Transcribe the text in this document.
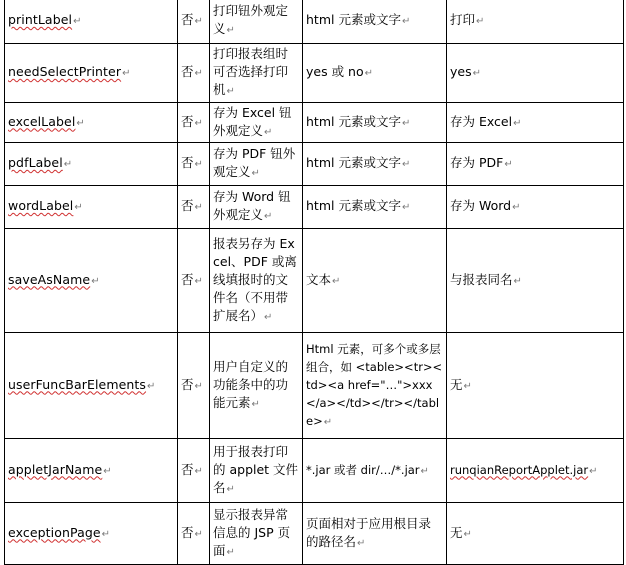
printLabel↵	否↵	打印钮外观定义↵	html 元素或文字↵	打印↵
needSelectPrinter↵	否↵	打印报表组时可否选择打印机↵	yes 或 no↵	yes↵
excelLabel↵	否↵	存为 Excel 钮外观定义↵	html 元素或文字↵	存为 Excel↵
pdfLabel↵	否↵	存为 PDF 钮外观定义↵	html 元素或文字↵	存为 PDF↵
wordLabel↵	否↵	存为 Word 钮外观定义↵	html 元素或文字↵	存为 Word↵
saveAsName↵	否↵	报表另存为 Excel、PDF 或离线填报时的文件名（不用带扩展名）↵	文本↵	与报表同名↵
userFuncBarElements↵	否↵	用户自定义的功能条中的功能元素↵	Html 元素，可多个或多层组合，如 <table><tr><td><a href="…">xxx</a></td></tr></table>↵	无↵
appletJarName↵	否↵	用于报表打印的 applet 文件名↵	*.jar 或者 dir/…/*.jar↵	runqianReportApplet.jar↵
exceptionPage↵	否↵	显示报表异常信息的 JSP 页面↵	页面相对于应用根目录的路径名↵	无↵
